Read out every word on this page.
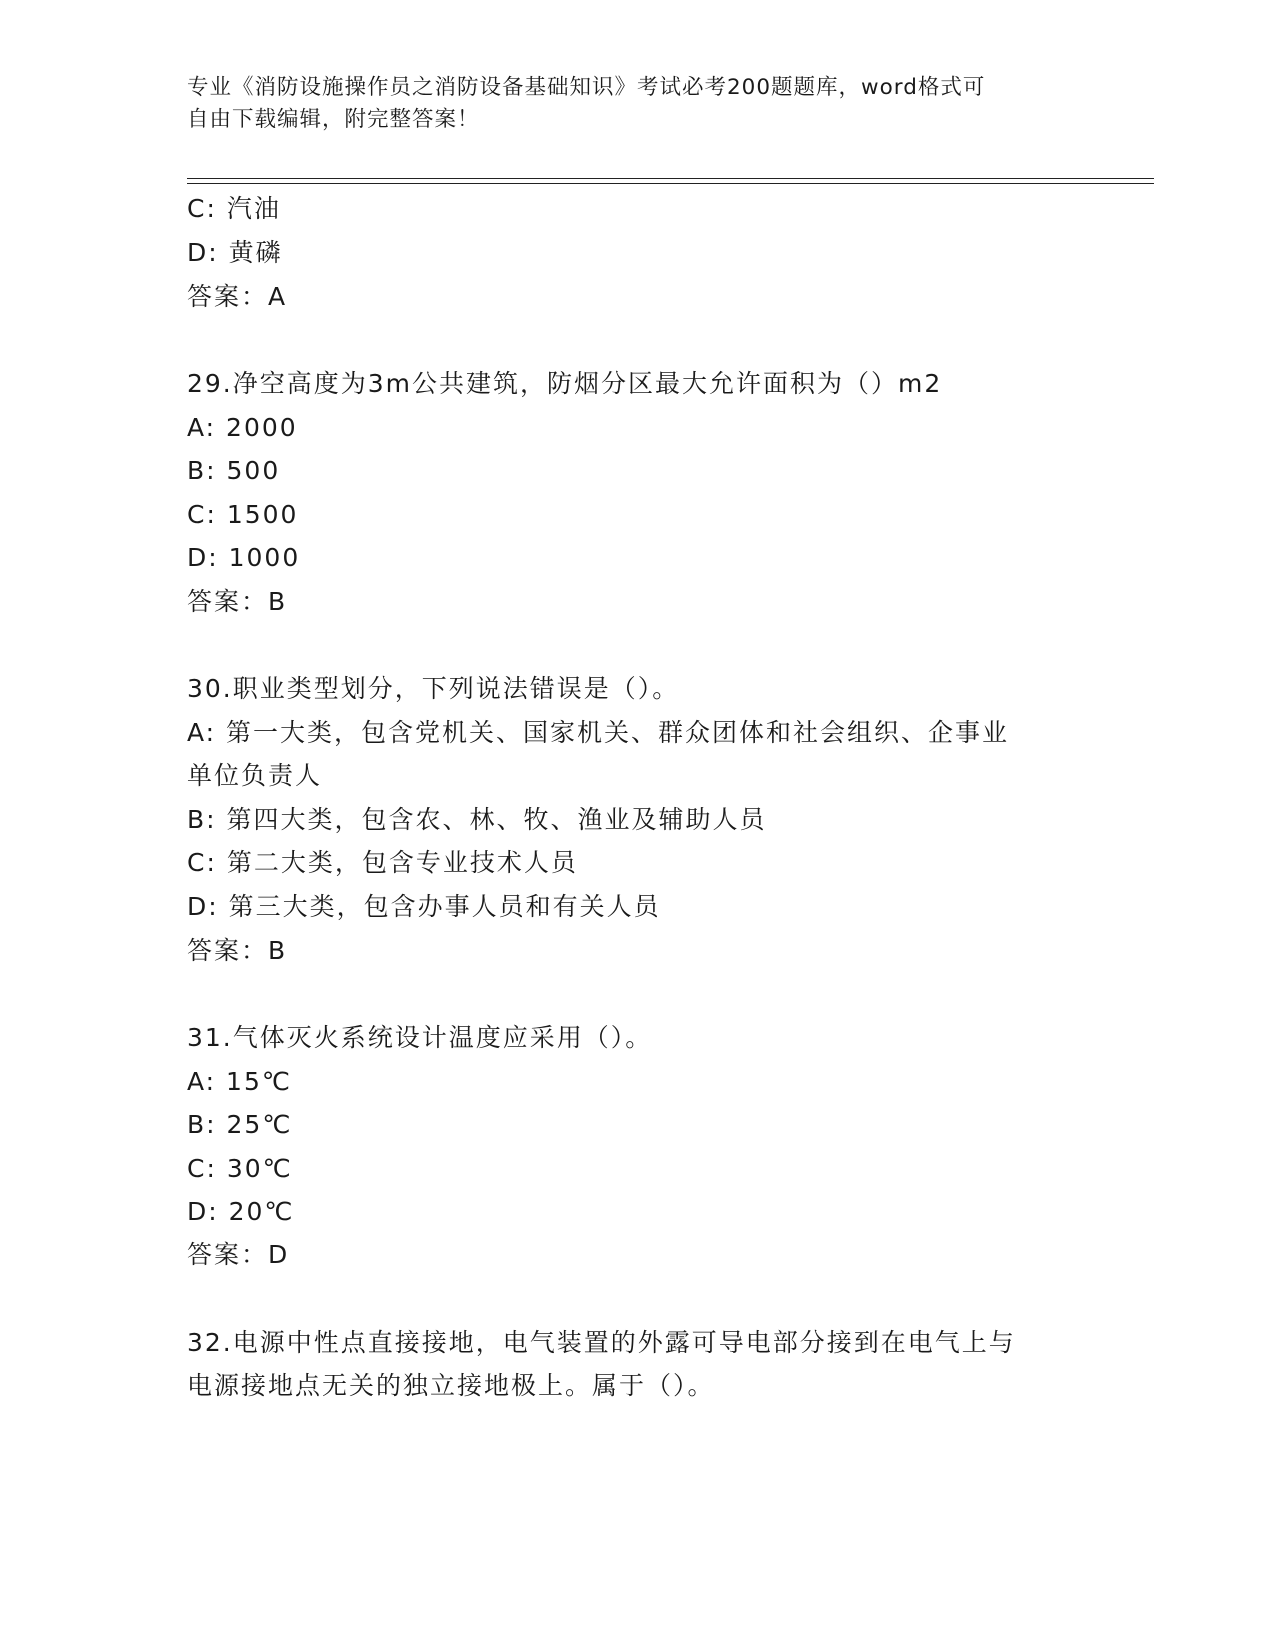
专业《消防设施操作员之消防设备基础知识》考试必考200题题库，word格式可
自由下载编辑，附完整答案！
C: 汽油
D: 黄磷
答案：A
29.净空高度为3m公共建筑，防烟分区最大允许面积为（）m2
A: 2000
B: 500
C: 1500
D: 1000
答案：B
30.职业类型划分，下列说法错误是（）。
A: 第一大类，包含党机关、国家机关、群众团体和社会组织、企事业
单位负责人
B: 第四大类，包含农、林、牧、渔业及辅助人员
C: 第二大类，包含专业技术人员
D: 第三大类，包含办事人员和有关人员
答案：B
31.气体灭火系统设计温度应采用（）。
A: 15℃
B: 25℃
C: 30℃
D: 20℃
答案：D
32.电源中性点直接接地，电气装置的外露可导电部分接到在电气上与
电源接地点无关的独立接地极上。属于（）。
